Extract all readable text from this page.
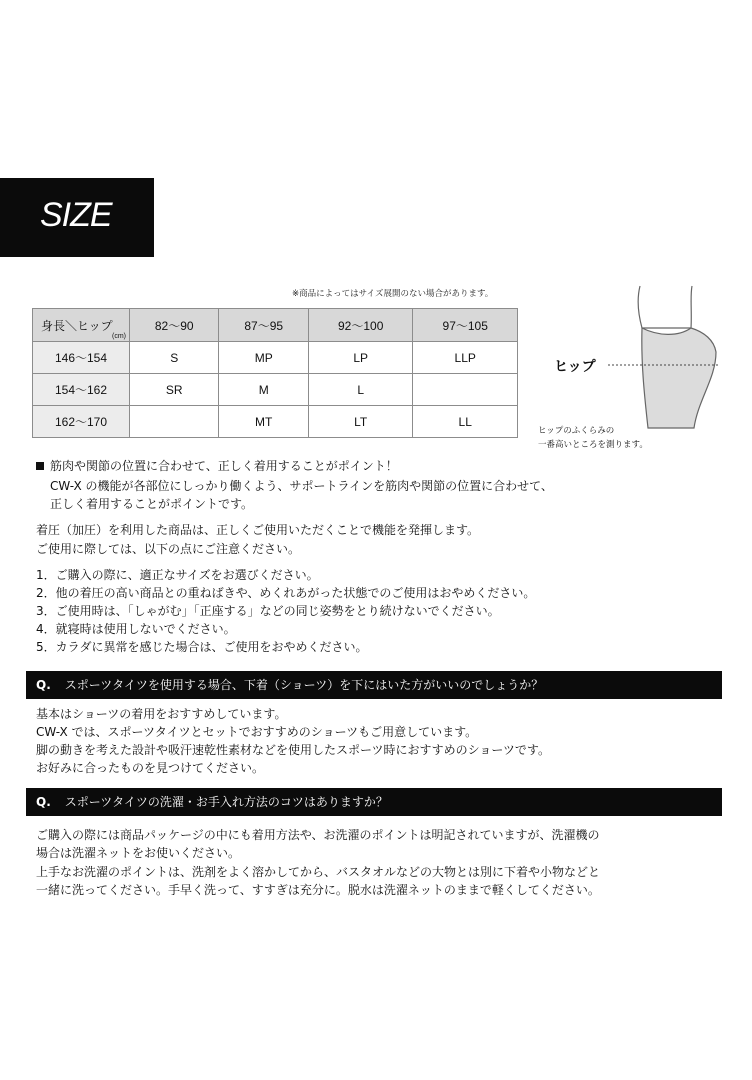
SIZE
※商品によってはサイズ展開のない場合があります。
身長＼ヒップ
(cm)	82〜90	87〜95	92〜100	97〜105
146〜154	S	MP	LP	LLP
154〜162	SR	M	L	
162〜170		MT	LT	LL
ヒップ
ヒップのふくらみの
一番高いところを測ります。
筋肉や関節の位置に合わせて、正しく着用することがポイント！
CW-X の機能が各部位にしっかり働くよう、サポートラインを筋肉や関節の位置に合わせて、
正しく着用することがポイントです。
着圧（加圧）を利用した商品は、正しくご使用いただくことで機能を発揮します。
ご使用に際しては、以下の点にご注意ください。
1．ご購入の際に、適正なサイズをお選びください。
2．他の着圧の高い商品との重ねばきや、めくれあがった状態でのご使用はおやめください。
3．ご使用時は、「しゃがむ」「正座する」などの同じ姿勢をとり続けないでください。
4．就寝時は使用しないでください。
5．カラダに異常を感じた場合は、ご使用をおやめください。
Q. スポーツタイツを使用する場合、下着（ショーツ）を下にはいた方がいいのでしょうか？
基本はショーツの着用をおすすめしています。
CW-X では、スポーツタイツとセットでおすすめのショーツもご用意しています。
脚の動きを考えた設計や吸汗速乾性素材などを使用したスポーツ時におすすめのショーツです。
お好みに合ったものを見つけてください。
Q. スポーツタイツの洗濯・お手入れ方法のコツはありますか？
ご購入の際には商品パッケージの中にも着用方法や、お洗濯のポイントは明記されていますが、洗濯機の
場合は洗濯ネットをお使いください。
上手なお洗濯のポイントは、洗剤をよく溶かしてから、バスタオルなどの大物とは別に下着や小物などと
一緒に洗ってください。手早く洗って、すすぎは充分に。脱水は洗濯ネットのままで軽くしてください。
